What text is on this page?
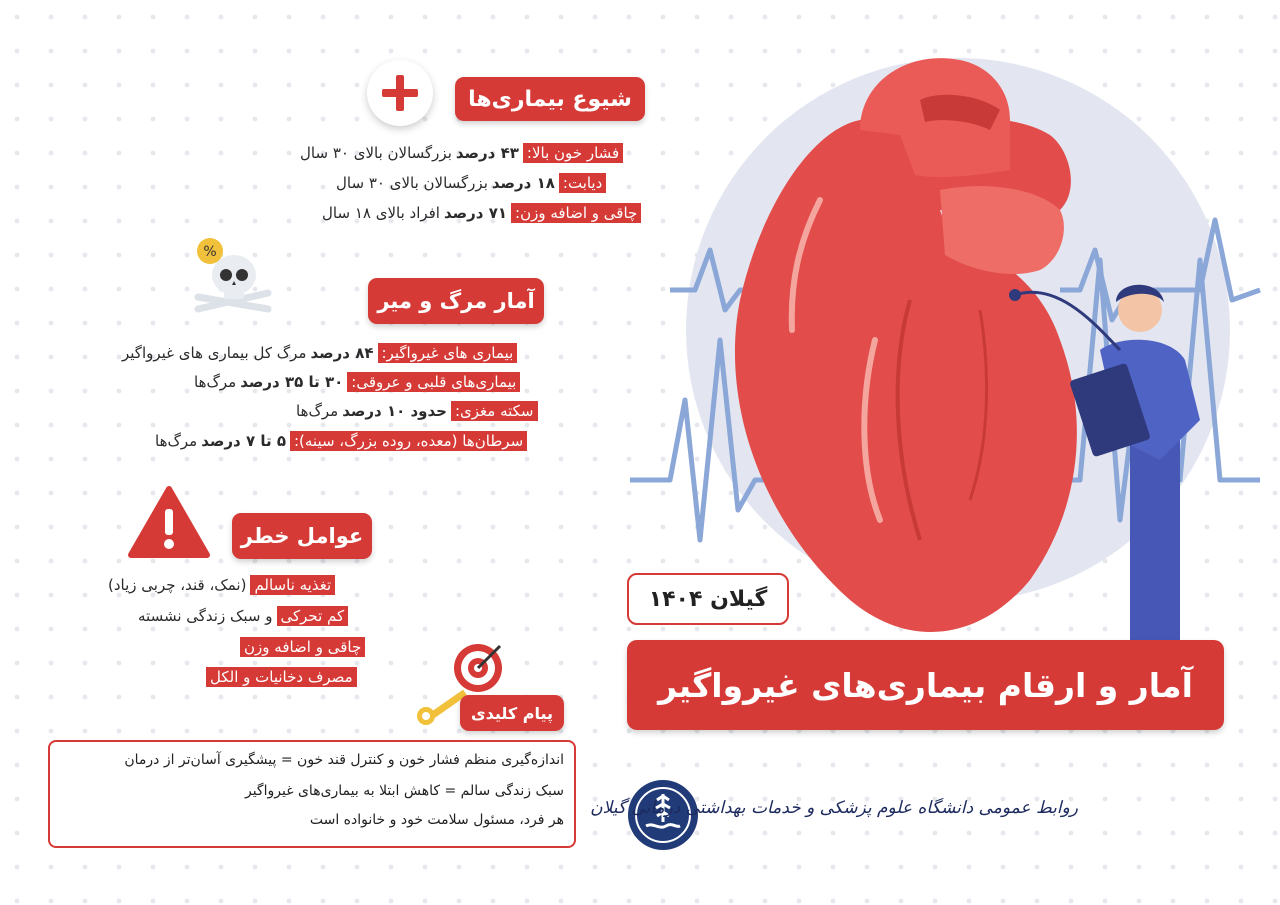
شیوع بیماری‌ها
فشار خون بالا:
۴۳ درصد
بزرگسالان بالای ۳۰ سال
دیابت:
۱۸ درصد
بزرگسالان بالای ۳۰ سال
چاقی و اضافه وزن:
۷۱ درصد
افراد بالای ۱۸ سال
%
آمار مرگ و میر
بیماری های غیرواگیر:
۸۴ درصد
مرگ کل بیماری های غیرواگیر
بیماری‌های قلبی و عروقی:
۳۰ تا ۳۵ درصد
مرگ‌ها
سکته مغزی:
حدود ۱۰ درصد
مرگ‌ها
سرطان‌ها (معده، روده بزرگ، سینه):
۵ تا ۷ درصد
مرگ‌ها
عوامل خطر
تغذیه ناسالم
(نمک، قند، چربی زیاد)
کم تحرکی
و سبک زندگی نشسته
چاقی و اضافه وزن
مصرف دخانیات و الکل
پیام کلیدی
اندازه‌گیری منظم فشار خون و کنترل قند خون = پیشگیری آسان‌تر از درمان
سبک زندگی سالم = کاهش ابتلا به بیماری‌های غیرواگیر
هر فرد، مسئول سلامت خود و خانواده است
گیلان ۱۴۰۴
آمار و ارقام بیماری‌های غیرواگیر
روابط عمومی دانشگاه علوم پزشکی و خدمات بهداشتی درمانی گیلان
